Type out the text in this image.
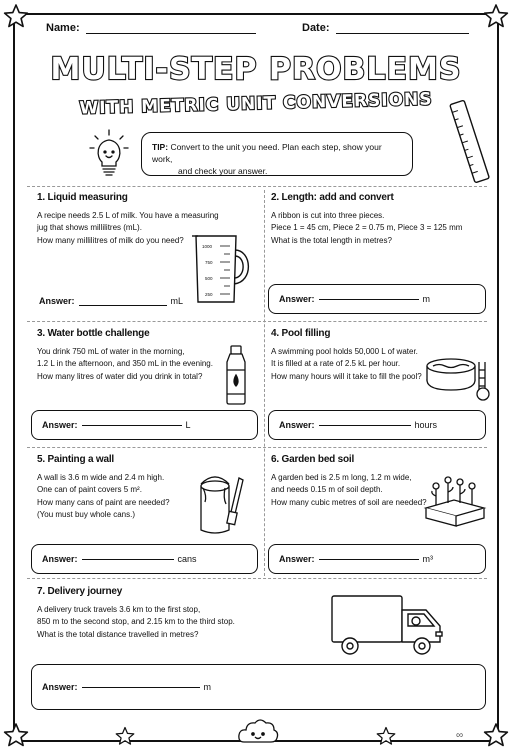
Name:	Date:
MULTI-STEP PROBLEMS
WITH METRIC UNIT CONVERSIONS
TIP: Convert to the unit you need. Plan each step, show your work,
and check your answer.
1. Liquid measuring

A recipe needs 2.5 L of milk. You have a measuring
jug that shows millilitres (mL).
How many millilitres of milk do you need?

1000
750
500
250
Answer:	mL
2. Length: add and convert

A ribbon is cut into three pieces.
Piece 1 = 45 cm, Piece 2 = 0.75 m, Piece 3 = 125 mm
What is the total length in metres?

Answer:	m
3. Water bottle challenge

You drink 750 mL of water in the morning,
1.2 L in the afternoon, and 350 mL in the evening.
How many litres of water did you drink in total?

Answer:	L
4. Pool filling

A swimming pool holds 50,000 L of water.
It is filled at a rate of 2.5 kL per hour.
How many hours will it take to fill the pool?

Answer:	hours
5. Painting a wall

A wall is 3.6 m wide and 2.4 m high.
One can of paint covers 5 m².
How many cans of paint are needed?
(You must buy whole cans.)

Answer:	cans
6. Garden bed soil

A garden bed is 2.5 m long, 1.2 m wide,
and needs 0.15 m of soil depth.
How many cubic metres of soil are needed?

Answer:	m³
7. Delivery journey

A delivery truck travels 3.6 km to the first stop,
850 m to the second stop, and 2.15 km to the third stop.
What is the total distance travelled in metres?

Answer:	m
∞
